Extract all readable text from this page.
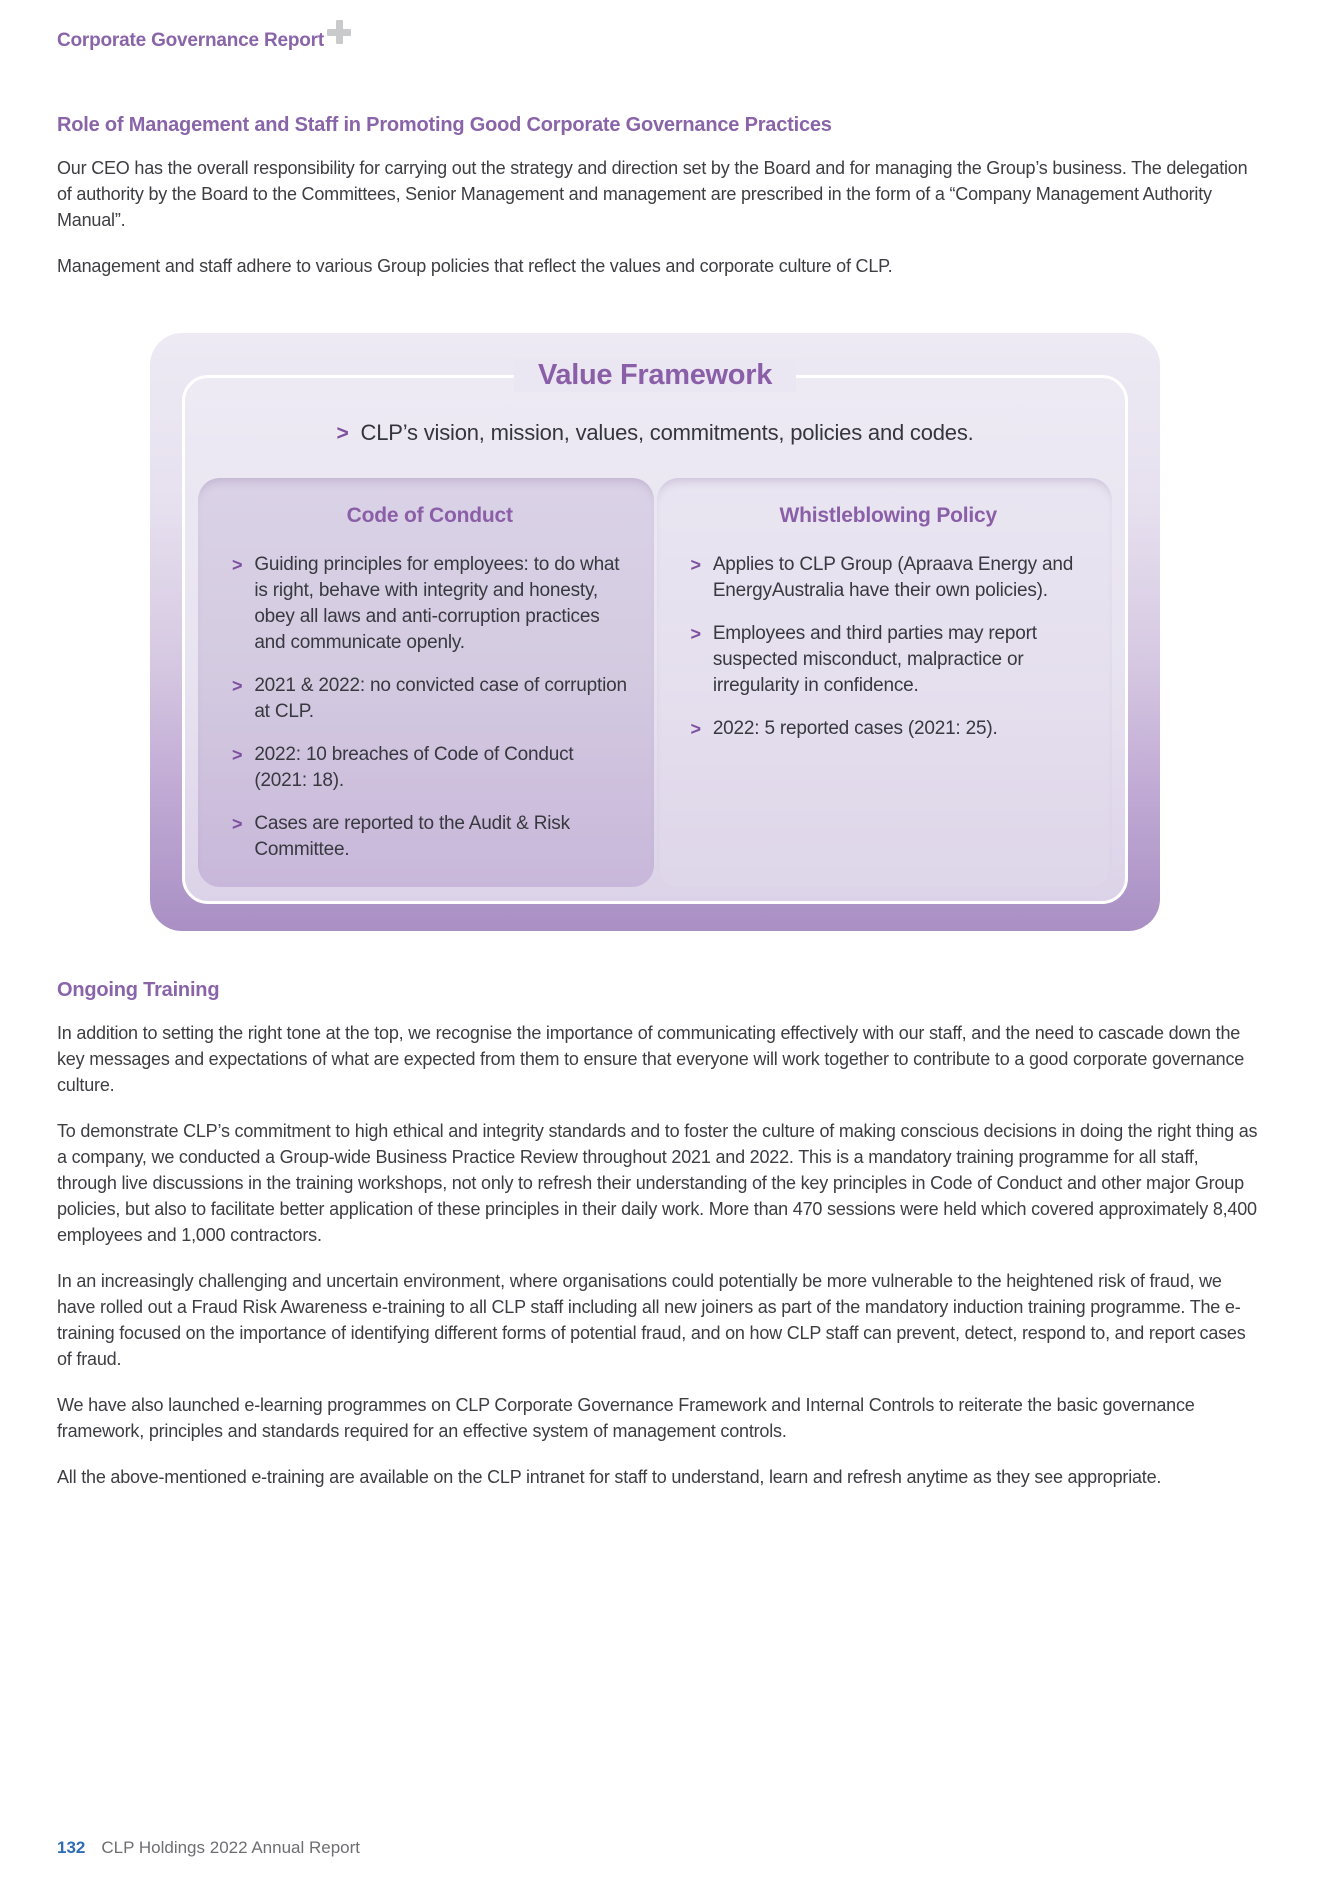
Corporate Governance Report
Role of Management and Staff in Promoting Good Corporate Governance Practices

Our CEO has the overall responsibility for carrying out the strategy and direction set by the Board and for managing the Group’s business. The delegation of authority by the Board to the Committees, Senior Management and management are prescribed in the form of a “Company Management Authority Manual”.

Management and staff adhere to various Group policies that reflect the values and corporate culture of CLP.

Value Framework
>
CLP’s vision, mission, values, commitments, policies and codes.
Code of Conduct
>
Guiding principles for employees: to do what is right, behave with integrity and honesty, obey all laws and anti-corruption practices and communicate openly.
>
2021 & 2022: no convicted case of corruption at CLP.
>
2022: 10 breaches of Code of Conduct (2021: 18).
>
Cases are reported to the Audit & Risk Committee.
Whistleblowing Policy
>
Applies to CLP Group (Apraava Energy and EnergyAustralia have their own policies).
>
Employees and third parties may report suspected misconduct, malpractice or irregularity in confidence.
>
2022: 5 reported cases (2021: 25).
Ongoing Training

In addition to setting the right tone at the top, we recognise the importance of communicating effectively with our staff, and the need to cascade down the key messages and expectations of what are expected from them to ensure that everyone will work together to contribute to a good corporate governance culture.

To demonstrate CLP’s commitment to high ethical and integrity standards and to foster the culture of making conscious decisions in doing the right thing as a company, we conducted a Group-wide Business Practice Review throughout 2021 and 2022. This is a mandatory training programme for all staff, through live discussions in the training workshops, not only to refresh their understanding of the key principles in Code of Conduct and other major Group policies, but also to facilitate better application of these principles in their daily work. More than 470 sessions were held which covered approximately 8,400 employees and 1,000 contractors.

In an increasingly challenging and uncertain environment, where organisations could potentially be more vulnerable to the heightened risk of fraud, we have rolled out a Fraud Risk Awareness e-training to all CLP staff including all new joiners as part of the mandatory induction training programme. The e-training focused on the importance of identifying different forms of potential fraud, and on how CLP staff can prevent, detect, respond to, and report cases of fraud.

We have also launched e-learning programmes on CLP Corporate Governance Framework and Internal Controls to reiterate the basic governance framework, principles and standards required for an effective system of management controls.

All the above-mentioned e-training are available on the CLP intranet for staff to understand, learn and refresh anytime as they see appropriate.

132 CLP Holdings 2022 Annual Report
